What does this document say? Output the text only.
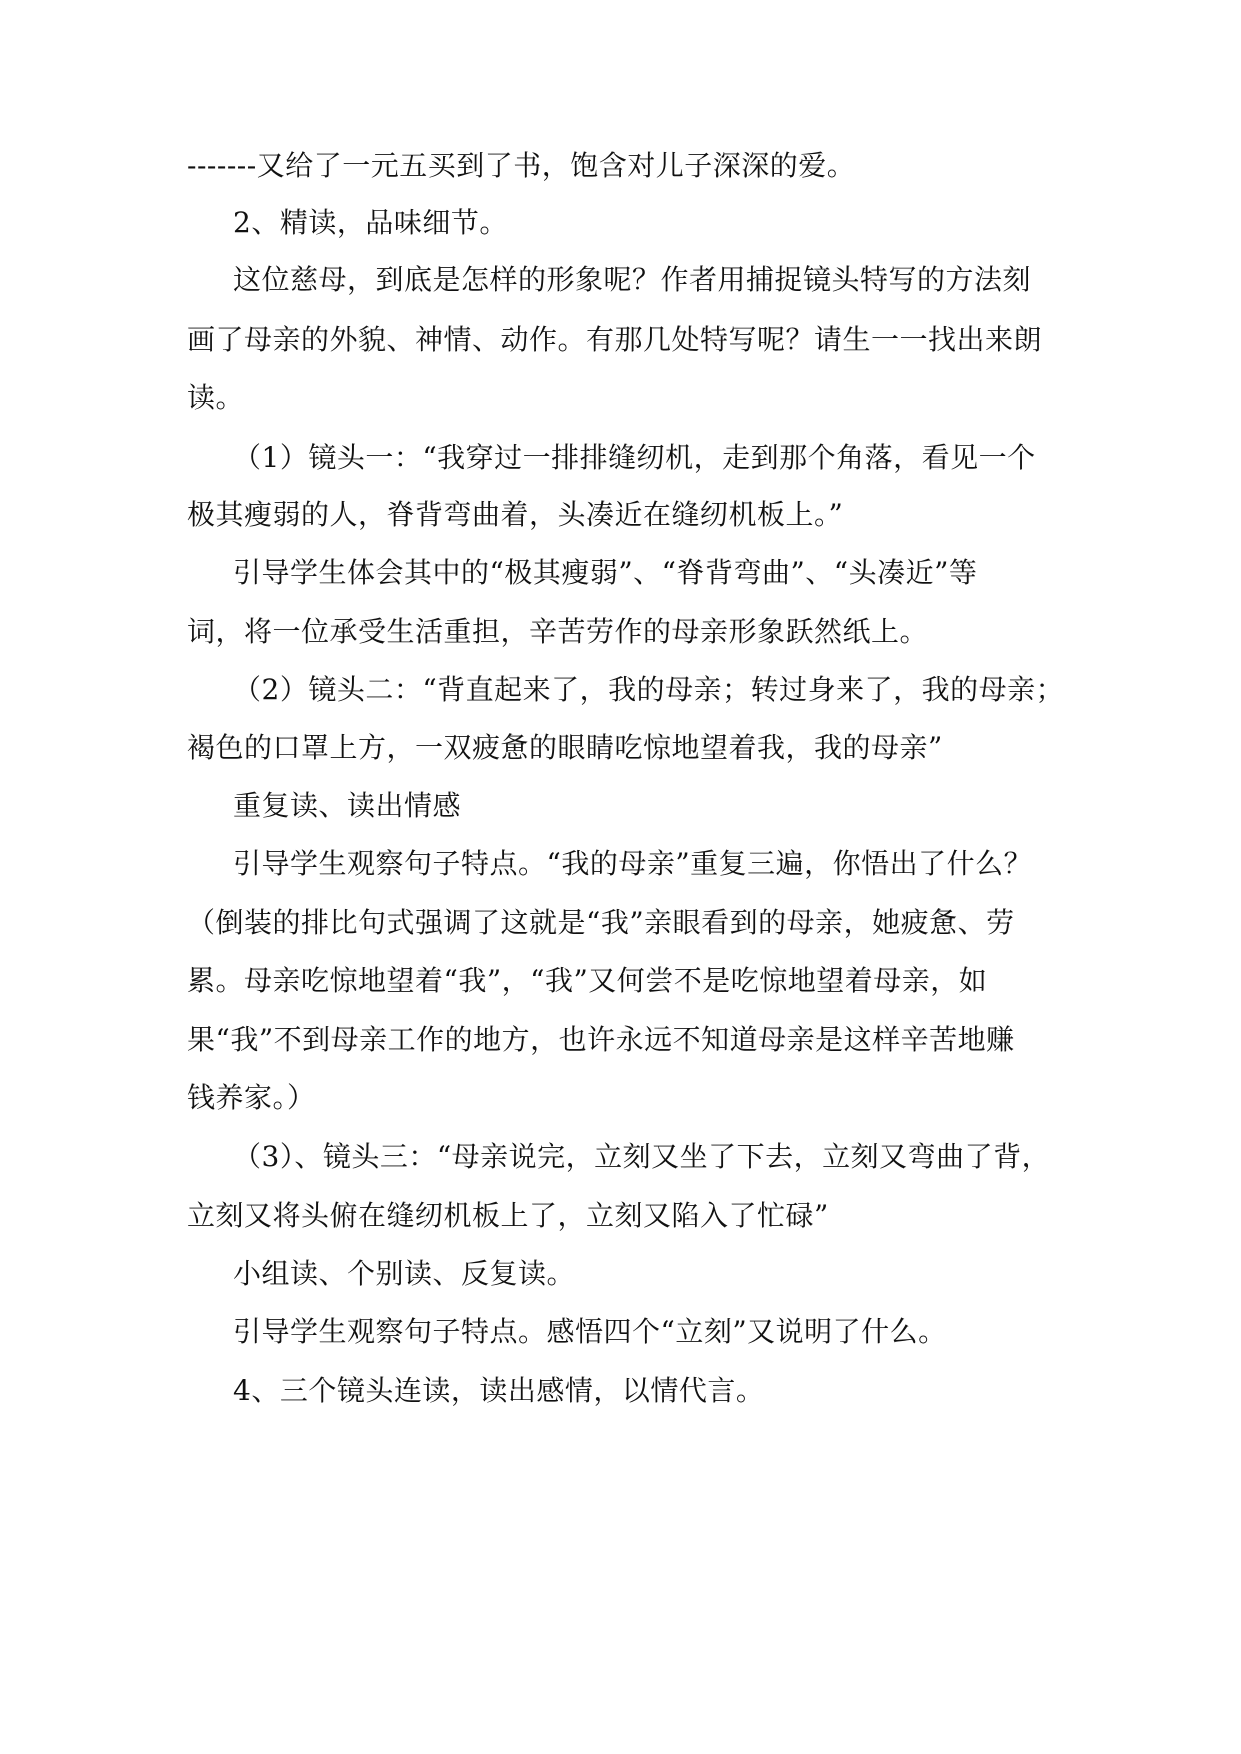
-------又给了一元五买到了书，饱含对儿子深深的爱。
2、精读，品味细节。
这位慈母，到底是怎样的形象呢？作者用捕捉镜头特写的方法刻
画了母亲的外貌、神情、动作。有那几处特写呢？请生一一找出来朗
读。
（1）镜头一：“我穿过一排排缝纫机，走到那个角落，看见一个
极其瘦弱的人，脊背弯曲着，头凑近在缝纫机板上。”
引导学生体会其中的“极其瘦弱”、“脊背弯曲”、“头凑近”等
词，将一位承受生活重担，辛苦劳作的母亲形象跃然纸上。
（2）镜头二：“背直起来了，我的母亲；转过身来了，我的母亲；
褐色的口罩上方，一双疲惫的眼睛吃惊地望着我，我的母亲”
重复读、读出情感
引导学生观察句子特点。“我的母亲”重复三遍，你悟出了什么？
（倒装的排比句式强调了这就是“我”亲眼看到的母亲，她疲惫、劳
累。母亲吃惊地望着“我”，“我”又何尝不是吃惊地望着母亲，如
果“我”不到母亲工作的地方，也许永远不知道母亲是这样辛苦地赚
钱养家。）
（3）、镜头三：“母亲说完，立刻又坐了下去，立刻又弯曲了背，
立刻又将头俯在缝纫机板上了，立刻又陷入了忙碌”
小组读、个别读、反复读。
引导学生观察句子特点。感悟四个“立刻”又说明了什么。
4、三个镜头连读，读出感情，以情代言。
